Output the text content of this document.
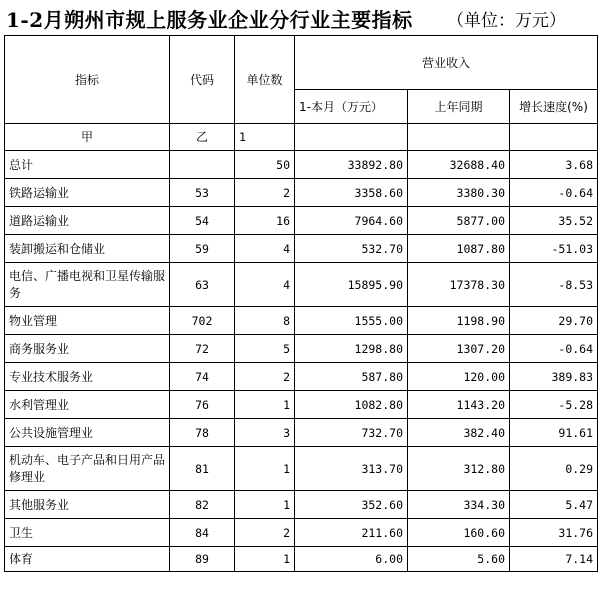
1-2月朔州市规上服务业企业分行业主要指标 （单位：万元）
指标	代码	单位数	营业收入		
			1-本月（万元）	上年同期	增长速度(%)
甲	乙	1			
总计		50	33892.80	32688.40	3.68
铁路运输业	53	2	3358.60	3380.30	-0.64
道路运输业	54	16	7964.60	5877.00	35.52
装卸搬运和仓储业	59	4	532.70	1087.80	-51.03
电信、广播电视和卫星传输服务	63	4	15895.90	17378.30	-8.53
物业管理	702	8	1555.00	1198.90	29.70
商务服务业	72	5	1298.80	1307.20	-0.64
专业技术服务业	74	2	587.80	120.00	389.83
水利管理业	76	1	1082.80	1143.20	-5.28
公共设施管理业	78	3	732.70	382.40	91.61
机动车、电子产品和日用产品修理业	81	1	313.70	312.80	0.29
其他服务业	82	1	352.60	334.30	5.47
卫生	84	2	211.60	160.60	31.76
体育	89	1	6.00	5.60	7.14
